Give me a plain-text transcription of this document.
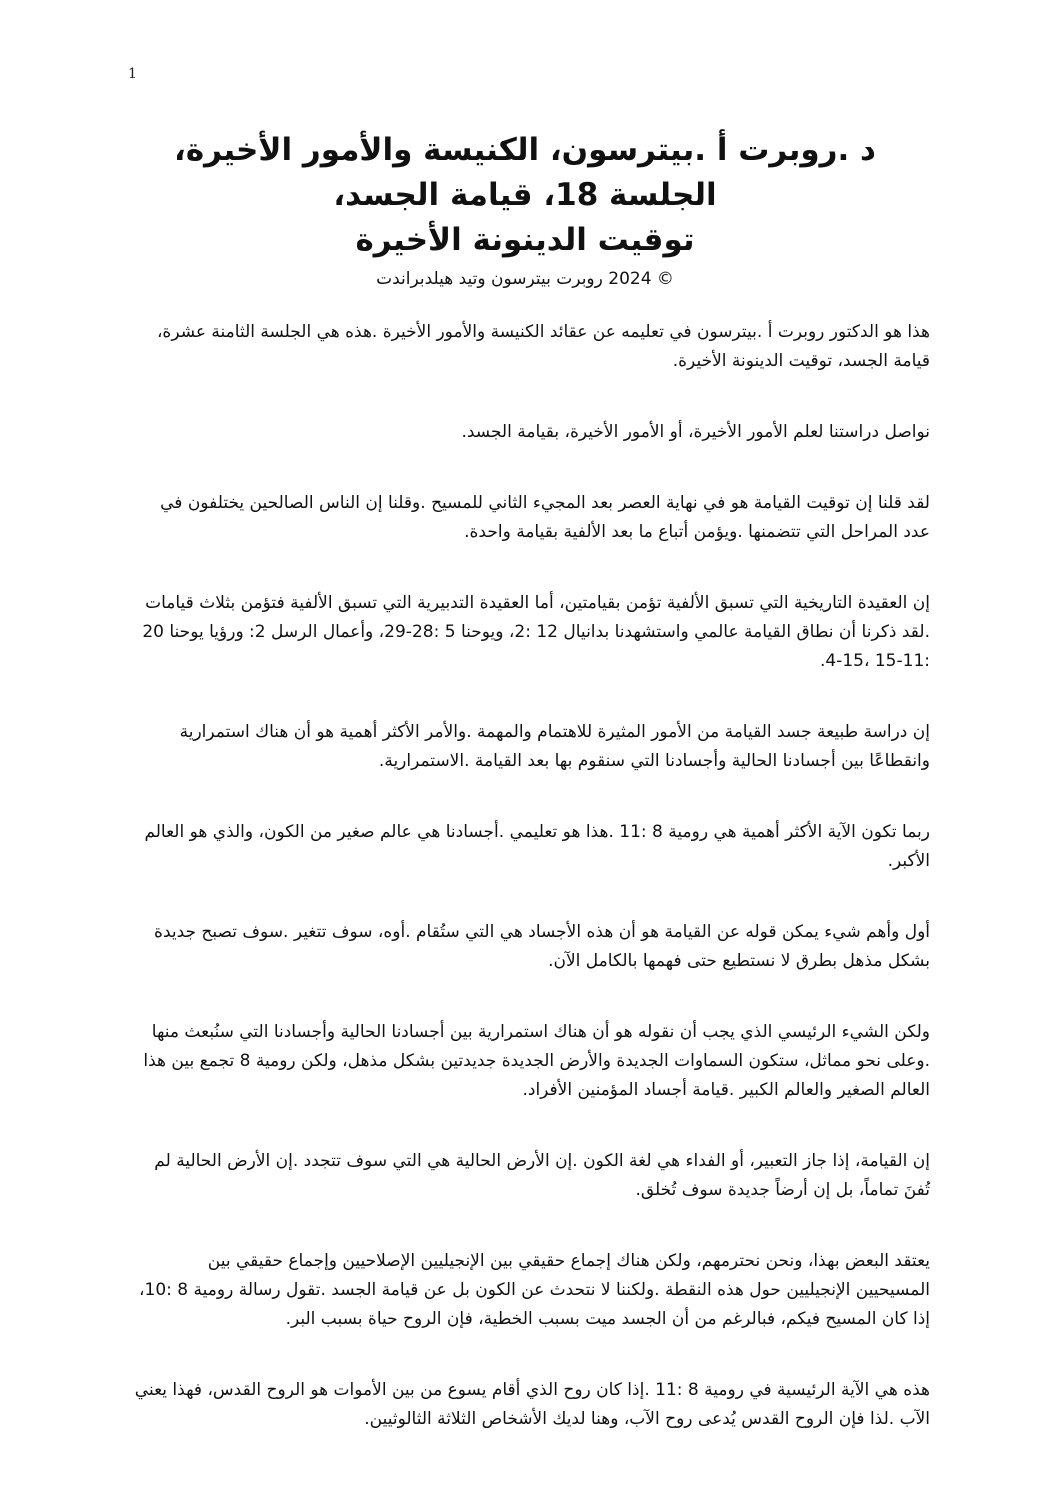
1
د .روبرت أ .بيترسون، الكنيسة والأمور الأخيرة،
الجلسة 18، قيامة الجسد،
توقيت الدينونة الأخيرة
© 2024 روبرت بيترسون وتيد هيلدبراندت

هذا هو الدكتور روبرت أ .بيترسون في تعليمه عن عقائد الكنيسة والأمور الأخيرة .هذه هي الجلسة الثامنة عشرة، قيامة الجسد، توقيت الدينونة الأخيرة.

نواصل دراستنا لعلم الأمور الأخيرة، أو الأمور الأخيرة، بقيامة الجسد.

لقد قلنا إن توقيت القيامة هو في نهاية العصر بعد المجيء الثاني للمسيح .وقلنا إن الناس الصالحين يختلفون في عدد المراحل التي تتضمنها .ويؤمن أتباع ما بعد الألفية بقيامة واحدة.

إن العقيدة التاريخية التي تسبق الألفية تؤمن بقيامتين، أما العقيدة التدبيرية التي تسبق الألفية فتؤمن بثلاث قيامات .لقد ذكرنا أن نطاق القيامة عالمي واستشهدنا بدانيال 12 :2، ويوحنا 5 :28-29، وأعمال الرسل 2: ورؤيا يوحنا 20 :11-15 ،15-4.

إن دراسة طبيعة جسد القيامة من الأمور المثيرة للاهتمام والمهمة .والأمر الأكثر أهمية هو أن هناك استمرارية وانقطاعًا بين أجسادنا الحالية وأجسادنا التي سنقوم بها بعد القيامة .الاستمرارية.

ربما تكون الآية الأكثر أهمية هي رومية 8 :11 .هذا هو تعليمي .أجسادنا هي عالم صغير من الكون، والذي هو العالم الأكبر.

أول وأهم شيء يمكن قوله عن القيامة هو أن هذه الأجساد هي التي ستُقام .أوه، سوف تتغير .سوف تصبح جديدة بشكل مذهل بطرق لا نستطيع حتى فهمها بالكامل الآن.

ولكن الشيء الرئيسي الذي يجب أن نقوله هو أن هناك استمرارية بين أجسادنا الحالية وأجسادنا التي سنُبعث منها .وعلى نحو مماثل، ستكون السماوات الجديدة والأرض الجديدة جديدتين بشكل مذهل، ولكن رومية 8 تجمع بين هذا العالم الصغير والعالم الكبير .قيامة أجساد المؤمنين الأفراد.

إن القيامة، إذا جاز التعبير، أو الفداء هي لغة الكون .إن الأرض الحالية هي التي سوف تتجدد .إن الأرض الحالية لم تُفنَ تماماً، بل إن أرضاً جديدة سوف تُخلق.

يعتقد البعض بهذا، ونحن نحترمهم، ولكن هناك إجماع حقيقي بين الإنجيليين الإصلاحيين وإجماع حقيقي بين المسيحيين الإنجيليين حول هذه النقطة .ولكننا لا نتحدث عن الكون بل عن قيامة الجسد .تقول رسالة رومية 8 :10، إذا كان المسيح فيكم، فبالرغم من أن الجسد ميت بسبب الخطية، فإن الروح حياة بسبب البر.

هذه هي الآية الرئيسية في رومية 8 :11 .إذا كان روح الذي أقام يسوع من بين الأموات هو الروح القدس، فهذا يعني الآب .لذا فإن الروح القدس يُدعى روح الآب، وهنا لديك الأشخاص الثلاثة الثالوثيين.
